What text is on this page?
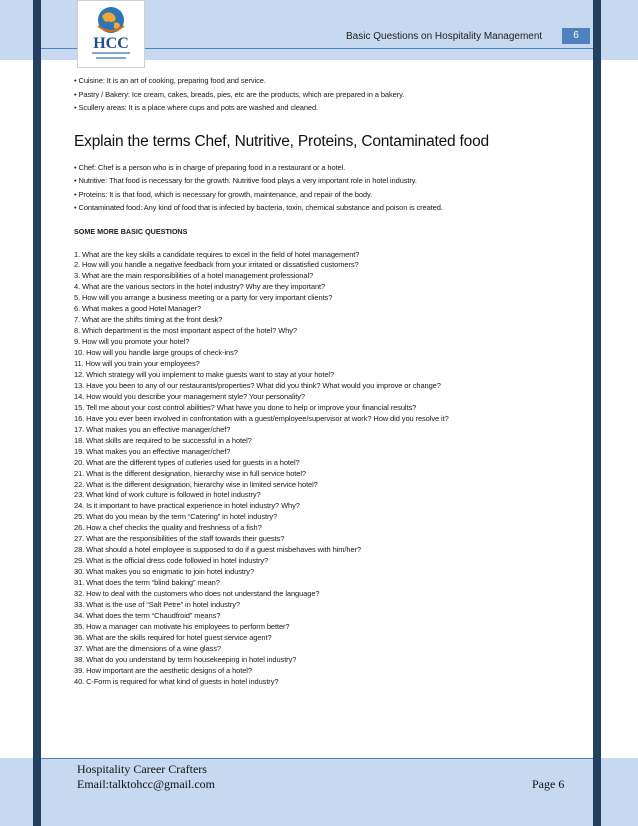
HCC	Basic Questions on Hospitality Management	6
• Cuisine: It is an art of cooking, preparing food and service.
• Pastry / Bakery: Ice cream, cakes, breads, pies, etc are the products, which are prepared in a bakery.
• Scullery areas: It is a place where cups and pots are washed and cleaned.
Explain the terms Chef, Nutritive, Proteins, Contaminated food
• Chef: Chef is a person who is in charge of preparing food in a restaurant or a hotel.
• Nutritive: That food is necessary for the growth. Nutritive food plays a very important role in hotel industry.
• Proteins: It is that food, which is necessary for growth, maintenance, and repair of the body.
• Contaminated food: Any kind of food that is infected by bacteria, toxin, chemical substance and poison is created.
SOME MORE BASIC QUESTIONS
1. What are the key skills a candidate requires to excel in the field of hotel management?
2. How will you handle a negative feedback from your irritated or dissatisfied customers?
3. What are the main responsibilities of a hotel management professional?
4. What are the various sectors in the hotel industry? Why are they important?
5. How will you arrange a business meeting or a party for very important clients?
6. What makes a good Hotel Manager?
7. What are the shifts timing at the front desk?
8. Which department is the most important aspect of the hotel? Why?
9. How will you promote your hotel?
10. How will you handle large groups of check-ins?
11. How will you train your employees?
12. Which strategy will you implement to make guests want to stay at your hotel?
13. Have you been to any of our restaurants/properties? What did you think? What would you improve or change?
14. How would you describe your management style? Your personality?
15. Tell me about your cost control abilities? What have you done to help or improve your financial results?
16. Have you ever been involved in confrontation with a guest/employee/supervisor at work? How did you resolve it?
17. What makes you an effective manager/chef?
18. What skills are required to be successful in a hotel?
19. What makes you an effective manager/chef?
20. What are the different types of cutleries used for guests in a hotel?
21. What is the different designation, hierarchy wise in full service hotel?
22. What is the different designation, hierarchy wise in limited service hotel?
23. What kind of work culture is followed in hotel industry?
24. Is it important to have practical experience in hotel industry? Why?
25. What do you mean by the term “Catering” in hotel industry?
26. How a chef checks the quality and freshness of a fish?
27. What are the responsibilities of the staff towards their guests?
28. What should a hotel employee is supposed to do if a guest misbehaves with him/her?
29. What is the official dress code followed in hotel industry?
30. What makes you so enigmatic to join hotel industry?
31. What does the term “blind baking” mean?
32. How to deal with the customers who does not understand the language?
33. What is the use of “Salt Petre” in hotel industry?
34. What does the term “Chaudfroid” means?
35. How a manager can motivate his employees to perform better?
36. What are the skills required for hotel guest service agent?
37. What are the dimensions of a wine glass?
38. What do you understand by term housekeeping in hotel industry?
39. How important are the aesthetic designs of a hotel?
40. C-Form is required for what kind of guests in hotel industry?
Hospitality Career Crafters
Email:talktohcc@gmail.com	Page 6
